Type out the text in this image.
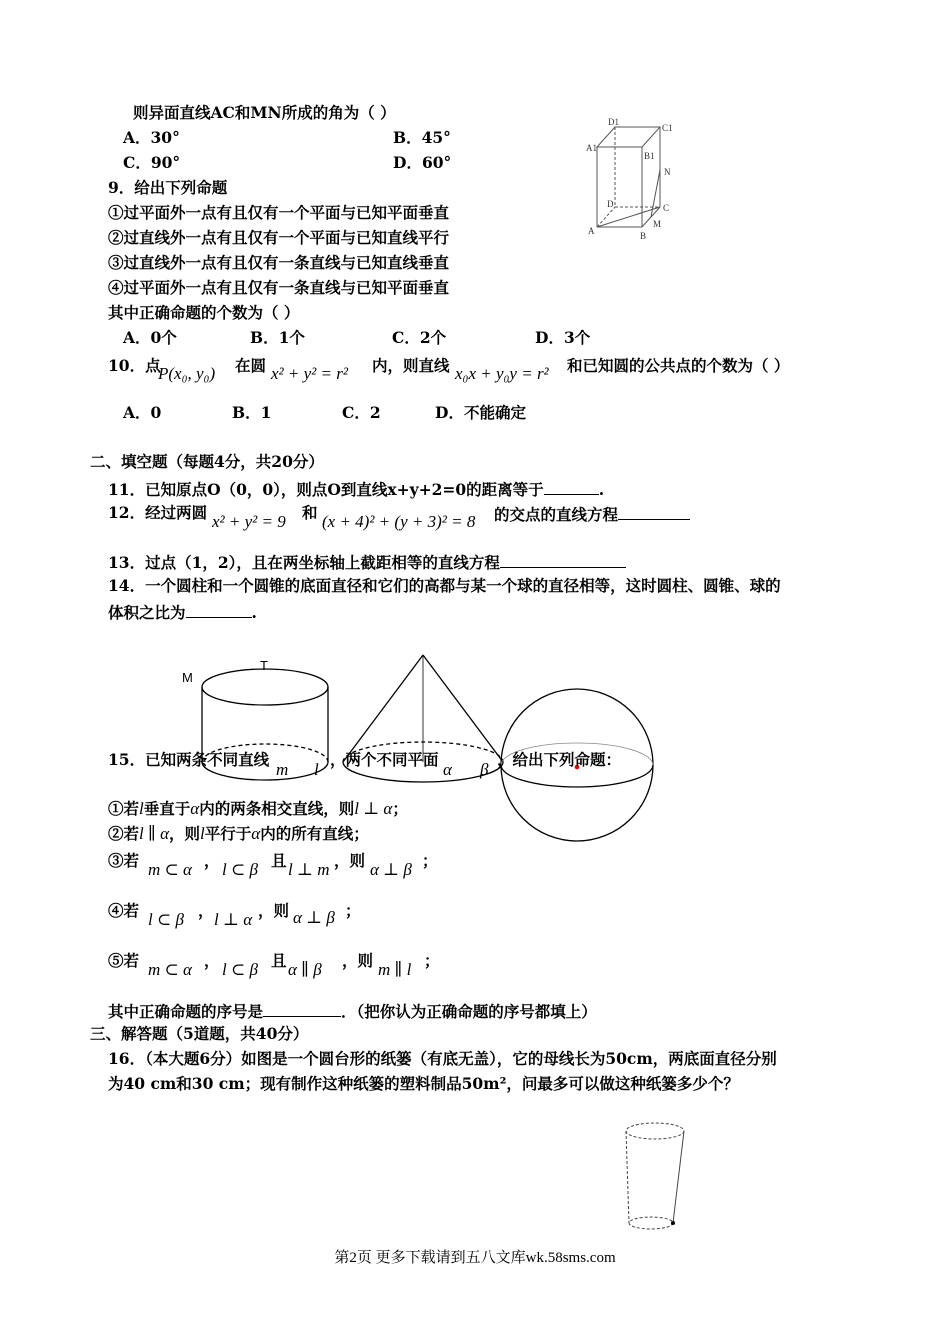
则异面直线AC和MN所成的角为（ ）
A．30°	B．45°
C．90°	D．60°
D1
C1
A1
B1
N
D	C
A	B
M
9．给出下列命题
①过平面外一点有且仅有一个平面与已知平面垂直
②过直线外一点有且仅有一个平面与已知直线平行
③过直线外一点有且仅有一条直线与已知直线垂直
④过平面外一点有且仅有一条直线与已知平面垂直
其中正确命题的个数为（ ）
A．0个	B．1个	C．2个	D．3个
10．点
P(x₀, y₀) 在圆 x² + y² = r² 内，则直线 x₀x + y₀y = r² 和已知圆的公共点的个数为（ ）
A．0	B．1	C．2	D．不能确定
二、填空题（每题4分，共20分）
11．已知原点O（0，0），则点O到直线x+y+2=0的距离等于	.
12．经过两圆 x² + y² = 9 和 (x + 4)² + (y + 3)² = 8 的交点的直线方程
13．过点（1，2），且在两坐标轴上截距相等的直线方程
14．一个圆柱和一个圆锥的底面直径和它们的高都与某一个球的直径相等，这时圆柱、圆锥、球的
体积之比为	.
M
T
15．已知两条不同直线
m l
，两个不同平面
α β
，给出下列命题：
①若l垂直于α内的两条相交直线，则l ⊥ α；
②若l ∥ α，则l平行于α内的所有直线；
③若 m ⊂ α ， l ⊂ β 且 l ⊥ m ，则 α ⊥ β ；
④若 l ⊂ β ， l ⊥ α ，则 α ⊥ β ；
⑤若 m ⊂ α ， l ⊂ β 且 α ∥ β ，则 m ∥ l ；
其中正确命题的序号是	．（把你认为正确命题的序号都填上）
三、解答题（5道题，共40分）
16．（本大题6分）如图是一个圆台形的纸篓（有底无盖），它的母线长为50cm，两底面直径分别
为40 cm和30 cm；现有制作这种纸篓的塑料制品50m²，问最多可以做这种纸篓多少个？
第2页 更多下载请到五八文库wk.58sms.com
